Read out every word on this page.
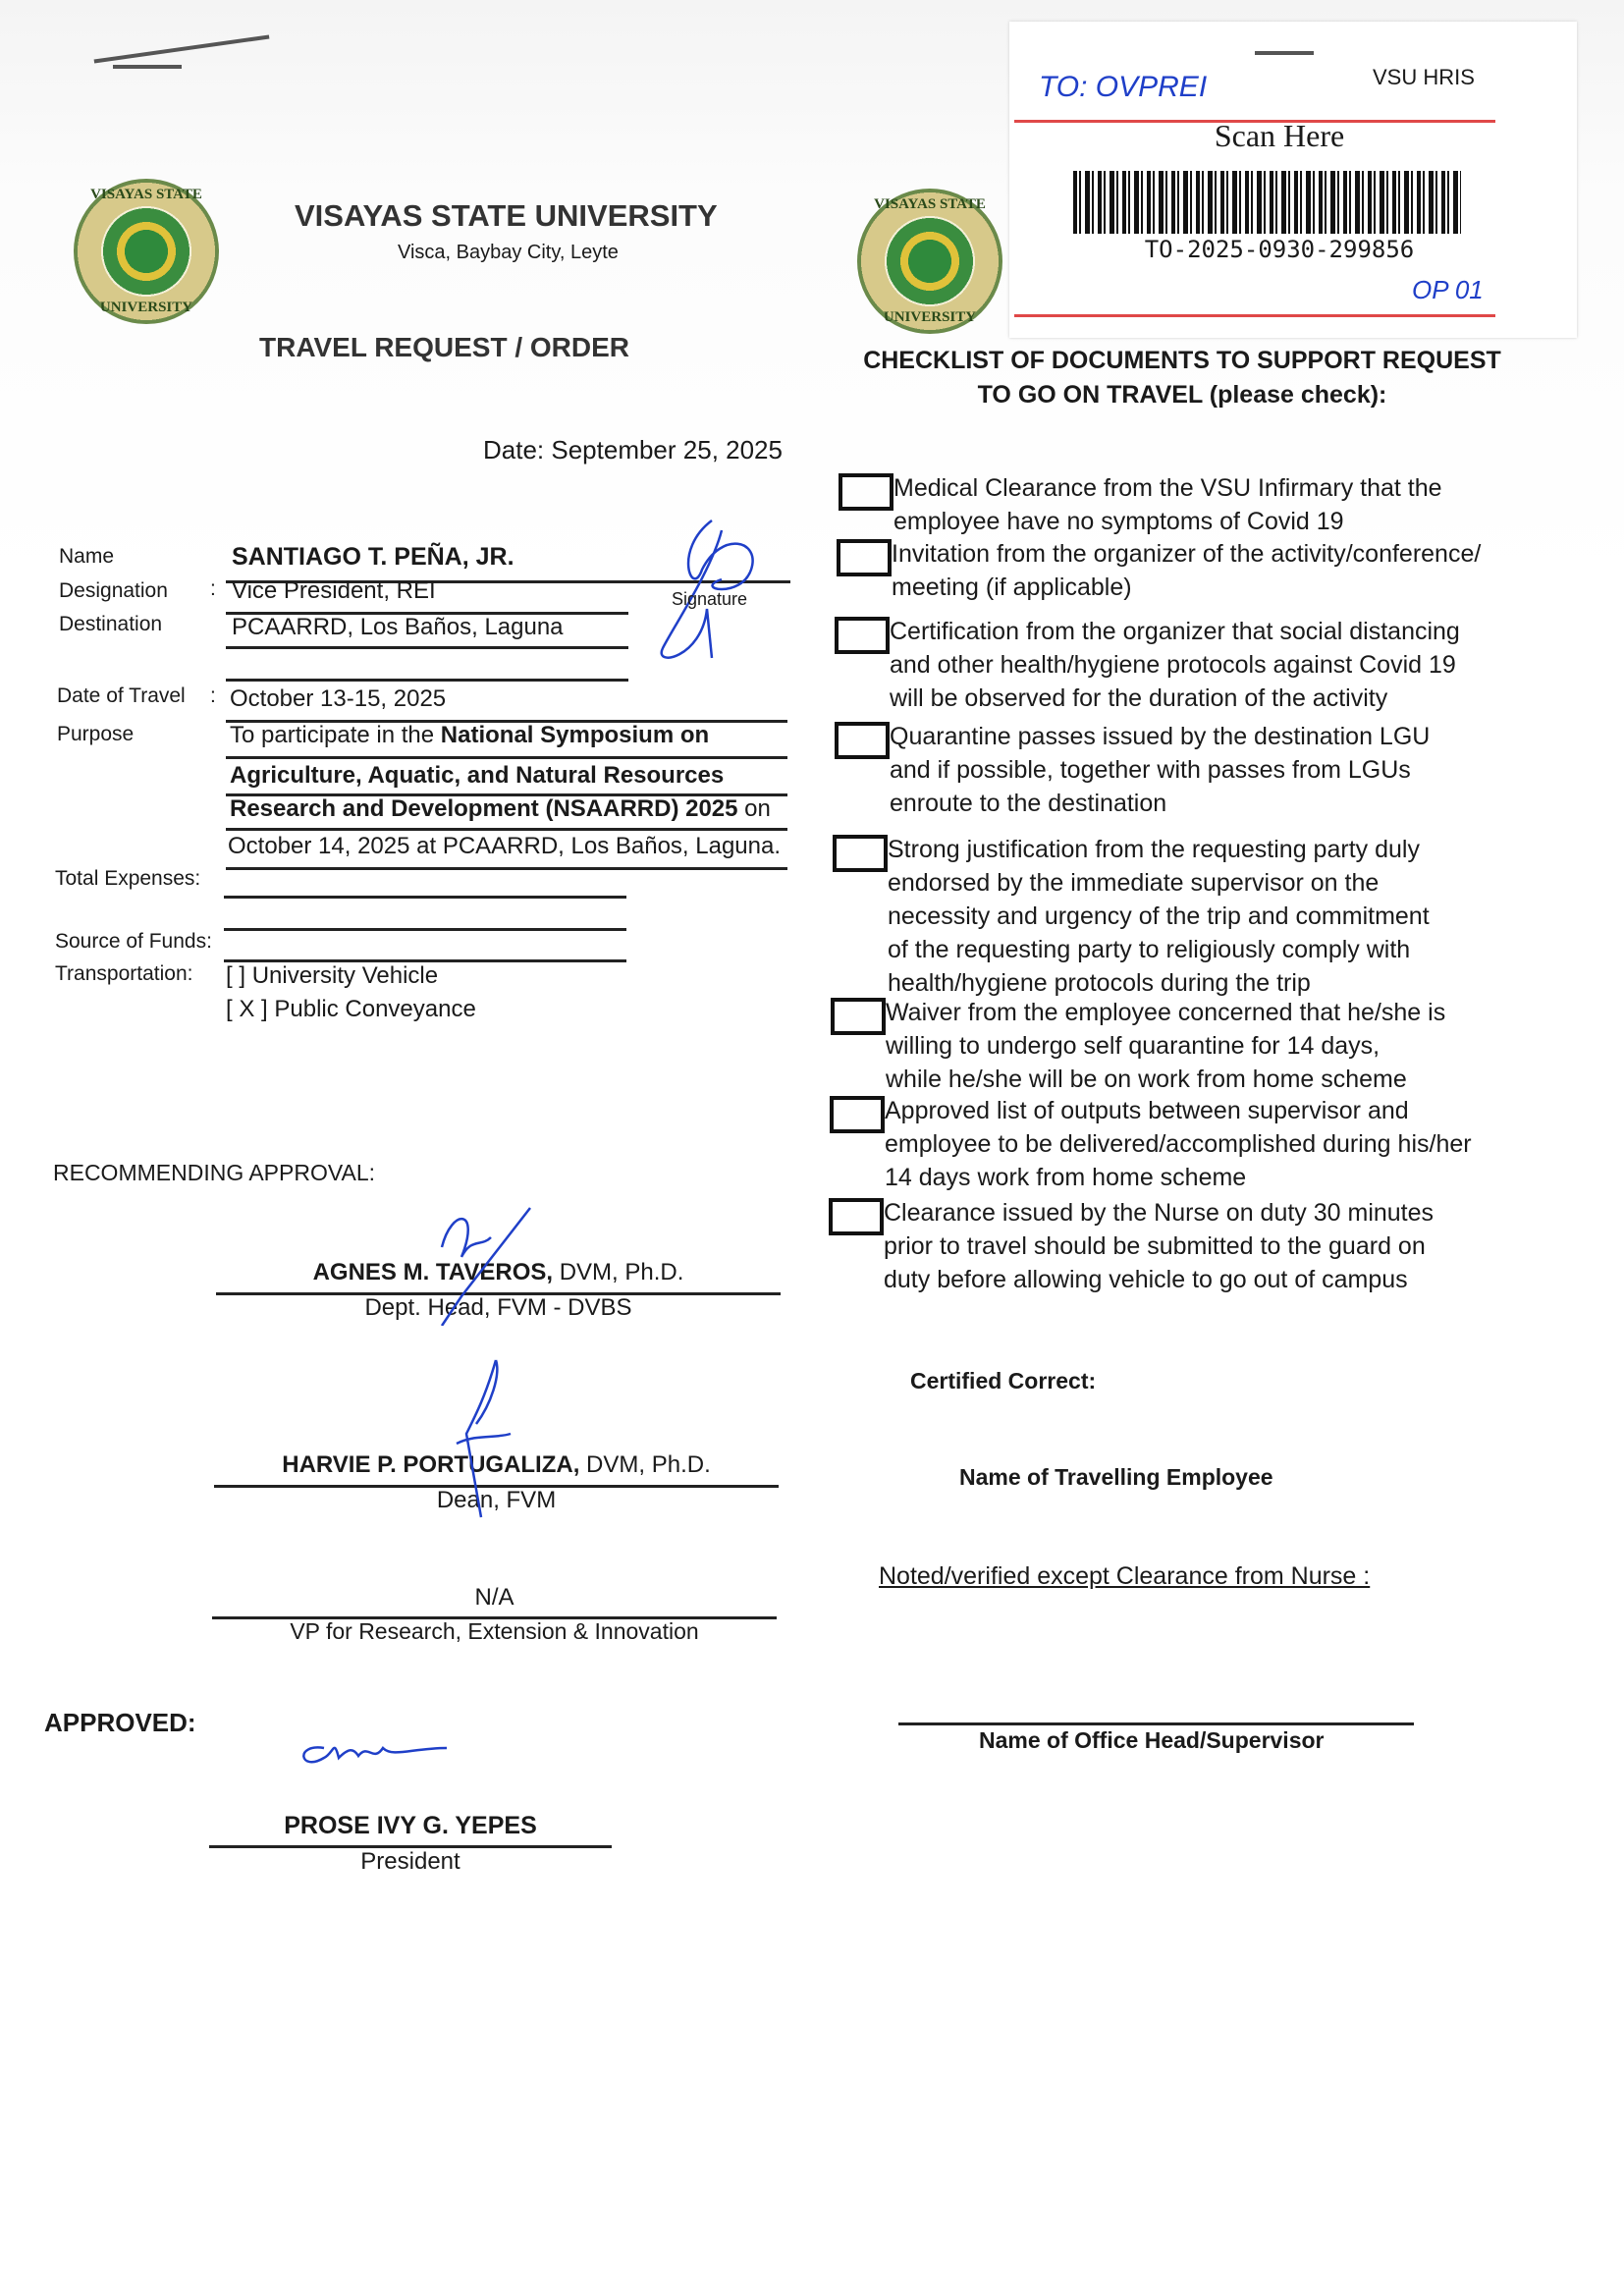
VISAYAS STATE
UNIVERSITY
VISAYAS STATE UNIVERSITY
Visca, Baybay City, Leyte
TRAVEL REQUEST / ORDER
Date: September 25, 2025
VISAYAS STATE
UNIVERSITY
TO: OVPREI	VSU HRIS
Scan Here
TO-2025-0930-299856
OP 01
Name	SANTIAGO T. PEÑA, JR.
Designation : Vice President, REI
Destination	PCAARRD, Los Baños, Laguna
Signature
Date of Travel : October 13-15, 2025
Purpose	To participate in the National Symposium on
Agriculture, Aquatic, and Natural Resources
Research and Development (NSAARRD) 2025 on
October 14, 2025 at PCAARRD, Los Baños, Laguna.
Total Expenses:
Source of Funds:
Transportation: [ ] University Vehicle
[ X ] Public Conveyance
RECOMMENDING APPROVAL:
AGNES M. TAVEROS, DVM, Ph.D.
Dept. Head, FVM - DVBS
HARVIE P. PORTUGALIZA, DVM, Ph.D.
Dean, FVM
N/A
VP for Research, Extension & Innovation
APPROVED:
PROSE IVY G. YEPES
President
CHECKLIST OF DOCUMENTS TO SUPPORT REQUEST
TO GO ON TRAVEL (please check):
Medical Clearance from the VSU Infirmary that the
employee have no symptoms of Covid 19
Invitation from the organizer of the activity/conference/
meeting (if applicable)
Certification from the organizer that social distancing
and other health/hygiene protocols against Covid 19
will be observed for the duration of the activity
Quarantine passes issued by the destination LGU
and if possible, together with passes from LGUs
enroute to the destination
Strong justification from the requesting party duly
endorsed by the immediate supervisor on the
necessity and urgency of the trip and commitment
of the requesting party to religiously comply with
health/hygiene protocols during the trip
Waiver from the employee concerned that he/she is
willing to undergo self quarantine for 14 days,
while he/she will be on work from home scheme
Approved list of outputs between supervisor and
employee to be delivered/accomplished during his/her
14 days work from home scheme
Clearance issued by the Nurse on duty 30 minutes
prior to travel should be submitted to the guard on
duty before allowing vehicle to go out of campus
Certified Correct:
Name of Travelling Employee
Noted/verified except Clearance from Nurse :
Name of Office Head/Supervisor
